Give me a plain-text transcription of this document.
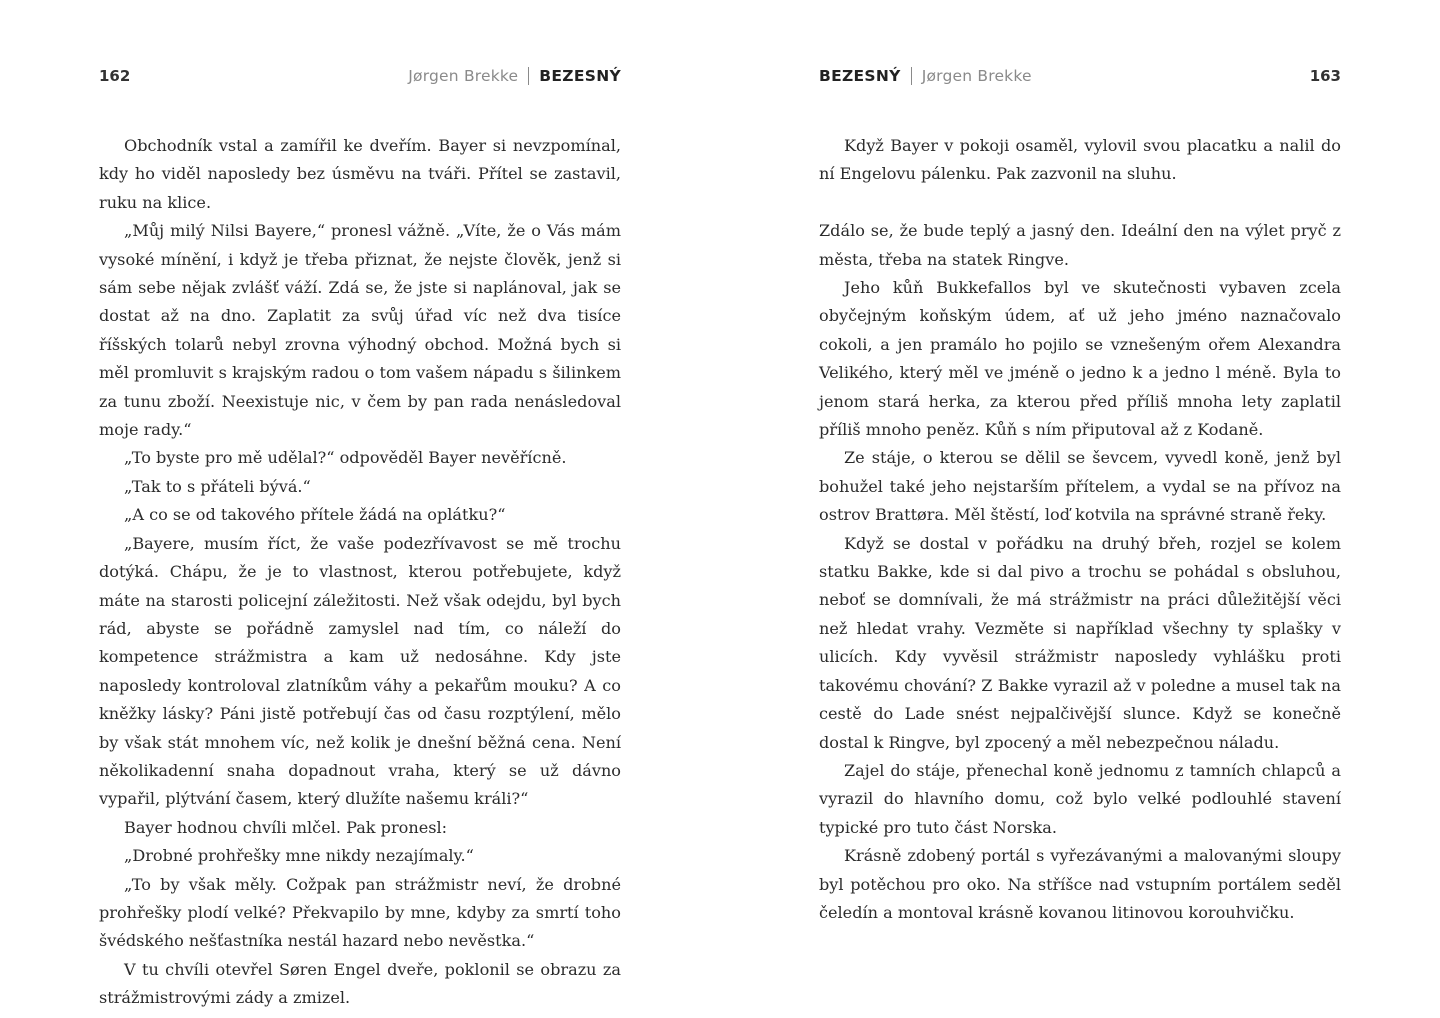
162	Jørgen Brekke BEZESNÝ

Obchodník vstal a zamířil ke dveřím. Bayer si nevzpomínal, kdy ho viděl naposledy bez úsměvu na tváři. Přítel se zastavil, ruku na klice.

„Můj milý Nilsi Bayere,“ pronesl vážně. „Víte, že o Vás mám vysoké mínění, i když je třeba přiznat, že nejste člověk, jenž si sám sebe nějak zvlášť váží. Zdá se, že jste si naplánoval, jak se dostat až na dno. Zaplatit za svůj úřad víc než dva tisíce říšských tolarů nebyl zrovna výhodný obchod. Možná bych si měl promluvit s krajským radou o tom vašem nápadu s šilinkem za tunu zboží. Neexistuje nic, v čem by pan rada nenásledoval moje rady.“

„To byste pro mě udělal?“ odpověděl Bayer nevěřícně.

„Tak to s přáteli bývá.“

„A co se od takového přítele žádá na oplátku?“

„Bayere, musím říct, že vaše podezřívavost se mě trochu dotýká. Chápu, že je to vlastnost, kterou potřebujete, když máte na starosti policejní záležitosti. Než však odejdu, byl bych rád, abyste se pořádně zamyslel nad tím, co náleží do kompetence strážmistra a kam už nedosáhne. Kdy jste naposledy kontroloval zlatníkům váhy a pekařům mouku? A co kněžky lásky? Páni jistě potřebují čas od času rozptýlení, mělo by však stát mnohem víc, než kolik je dnešní běžná cena. Není několikadenní snaha dopadnout vraha, který se už dávno vypařil, plýtvání časem, který dlužíte našemu králi?“

Bayer hodnou chvíli mlčel. Pak pronesl:

„Drobné prohřešky mne nikdy nezajímaly.“

„To by však měly. Cožpak pan strážmistr neví, že drobné prohřešky plodí velké? Překvapilo by mne, kdyby za smrtí toho švédského nešťastníka nestál hazard nebo nevěstka.“

V tu chvíli otevřel Søren Engel dveře, poklonil se obrazu za strážmistrovými zády a zmizel.

BEZESNÝ Jørgen Brekke	163

Když Bayer v pokoji osaměl, vylovil svou placatku a nalil do ní Engelovu pálenku. Pak zazvonil na sluhu.

Zdálo se, že bude teplý a jasný den. Ideální den na výlet pryč z města, třeba na statek Ringve.

Jeho kůň Bukkefallos byl ve skutečnosti vybaven zcela obyčejným koňským údem, ať už jeho jméno naznačovalo cokoli, a jen pramálo ho pojilo se vznešeným ořem Alexandra Velikého, který měl ve jméně o jedno k a jedno l méně. Byla to jenom stará herka, za kterou před příliš mnoha lety zaplatil příliš mnoho peněz. Kůň s ním připutoval až z Kodaně.

Ze stáje, o kterou se dělil se ševcem, vyvedl koně, jenž byl bohužel také jeho nejstarším přítelem, a vydal se na přívoz na ostrov Brattøra. Měl štěstí, loď kotvila na správné straně řeky.

Když se dostal v pořádku na druhý břeh, rozjel se kolem statku Bakke, kde si dal pivo a trochu se pohádal s obsluhou, neboť se domnívali, že má strážmistr na práci důležitější věci než hledat vrahy. Vezměte si například všechny ty splašky v ulicích. Kdy vyvěsil strážmistr naposledy vyhlášku proti takovému chování? Z Bakke vyrazil až v poledne a musel tak na cestě do Lade snést nejpalčivější slunce. Když se konečně dostal k Ringve, byl zpocený a měl nebezpečnou náladu.

Zajel do stáje, přenechal koně jednomu z tamních chlapců a vyrazil do hlavního domu, což bylo velké podlouhlé stavení typické pro tuto část Norska.

Krásně zdobený portál s vyřezávanými a malovanými sloupy byl potěchou pro oko. Na stříšce nad vstupním portálem seděl čeledín a montoval krásně kovanou litinovou korouhvičku.
